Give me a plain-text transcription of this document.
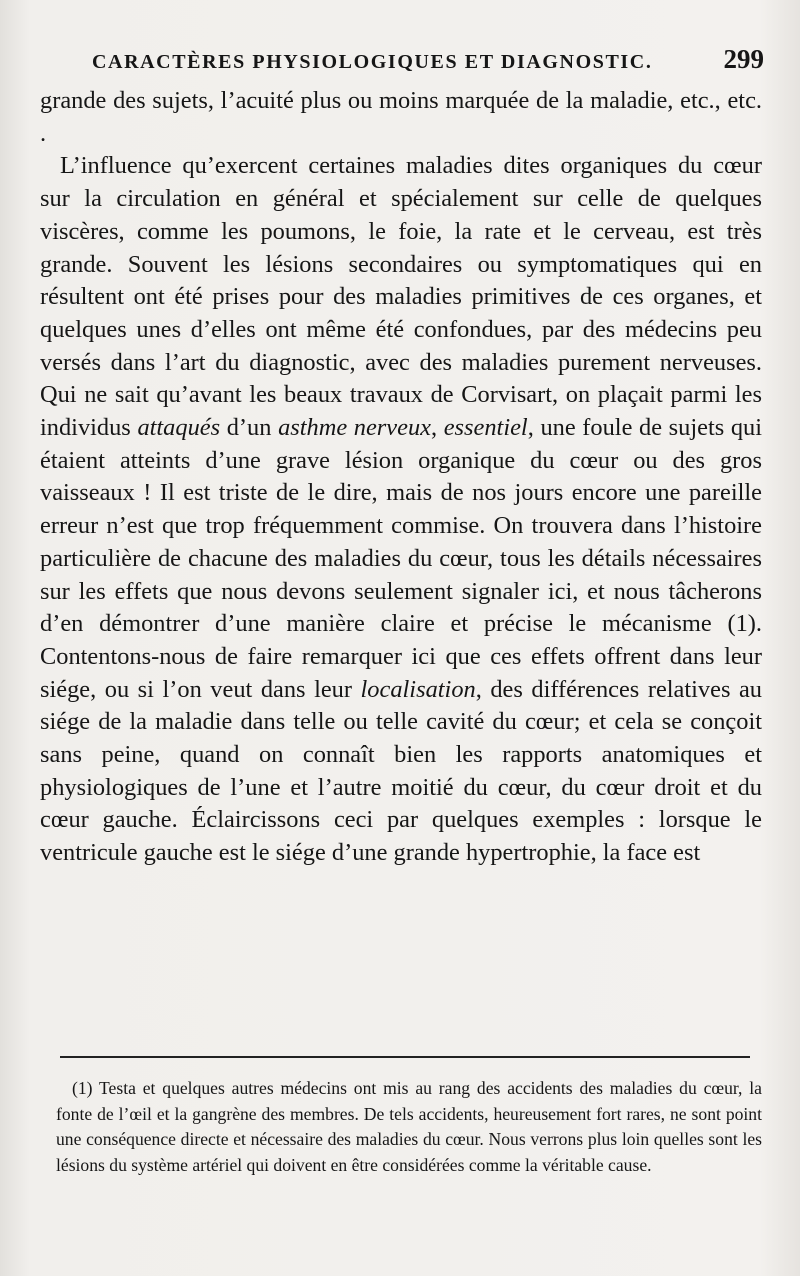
CARACTÈRES PHYSIOLOGIQUES ET DIAGNOSTIC.	299

grande des sujets, l’acuité plus ou moins marquée de la maladie, etc., etc. .

L’influence qu’exercent certaines maladies dites organiques du cœur sur la circulation en général et spécialement sur celle de quelques viscères, comme les poumons, le foie, la rate et le cerveau, est très grande. Souvent les lésions secondaires ou symptomatiques qui en résultent ont été prises pour des maladies primitives de ces organes, et quelques unes d’elles ont même été confondues, par des médecins peu versés dans l’art du diagnostic, avec des maladies purement nerveuses. Qui ne sait qu’avant les beaux travaux de Corvisart, on plaçait parmi les individus attaqués d’un asthme nerveux, essentiel, une foule de sujets qui étaient atteints d’une grave lésion organique du cœur ou des gros vaisseaux ! Il est triste de le dire, mais de nos jours encore une pareille erreur n’est que trop fréquemment commise. On trouvera dans l’histoire particulière de chacune des maladies du cœur, tous les détails nécessaires sur les effets que nous devons seulement signaler ici, et nous tâcherons d’en démontrer d’une manière claire et précise le mécanisme (1). Contentons-nous de faire remarquer ici que ces effets offrent dans leur siége, ou si l’on veut dans leur localisation, des différences relatives au siége de la maladie dans telle ou telle cavité du cœur; et cela se conçoit sans peine, quand on connaît bien les rapports anatomiques et physiologiques de l’une et l’autre moitié du cœur, du cœur droit et du cœur gauche. Éclaircissons ceci par quelques exemples : lorsque le ventricule gauche est le siége d’une grande hypertrophie, la face est

(1) Testa et quelques autres médecins ont mis au rang des accidents des maladies du cœur, la fonte de l’œil et la gangrène des membres. De tels accidents, heureusement fort rares, ne sont point une conséquence directe et nécessaire des maladies du cœur. Nous verrons plus loin quelles sont les lésions du système artériel qui doivent en être considérées comme la véritable cause.
